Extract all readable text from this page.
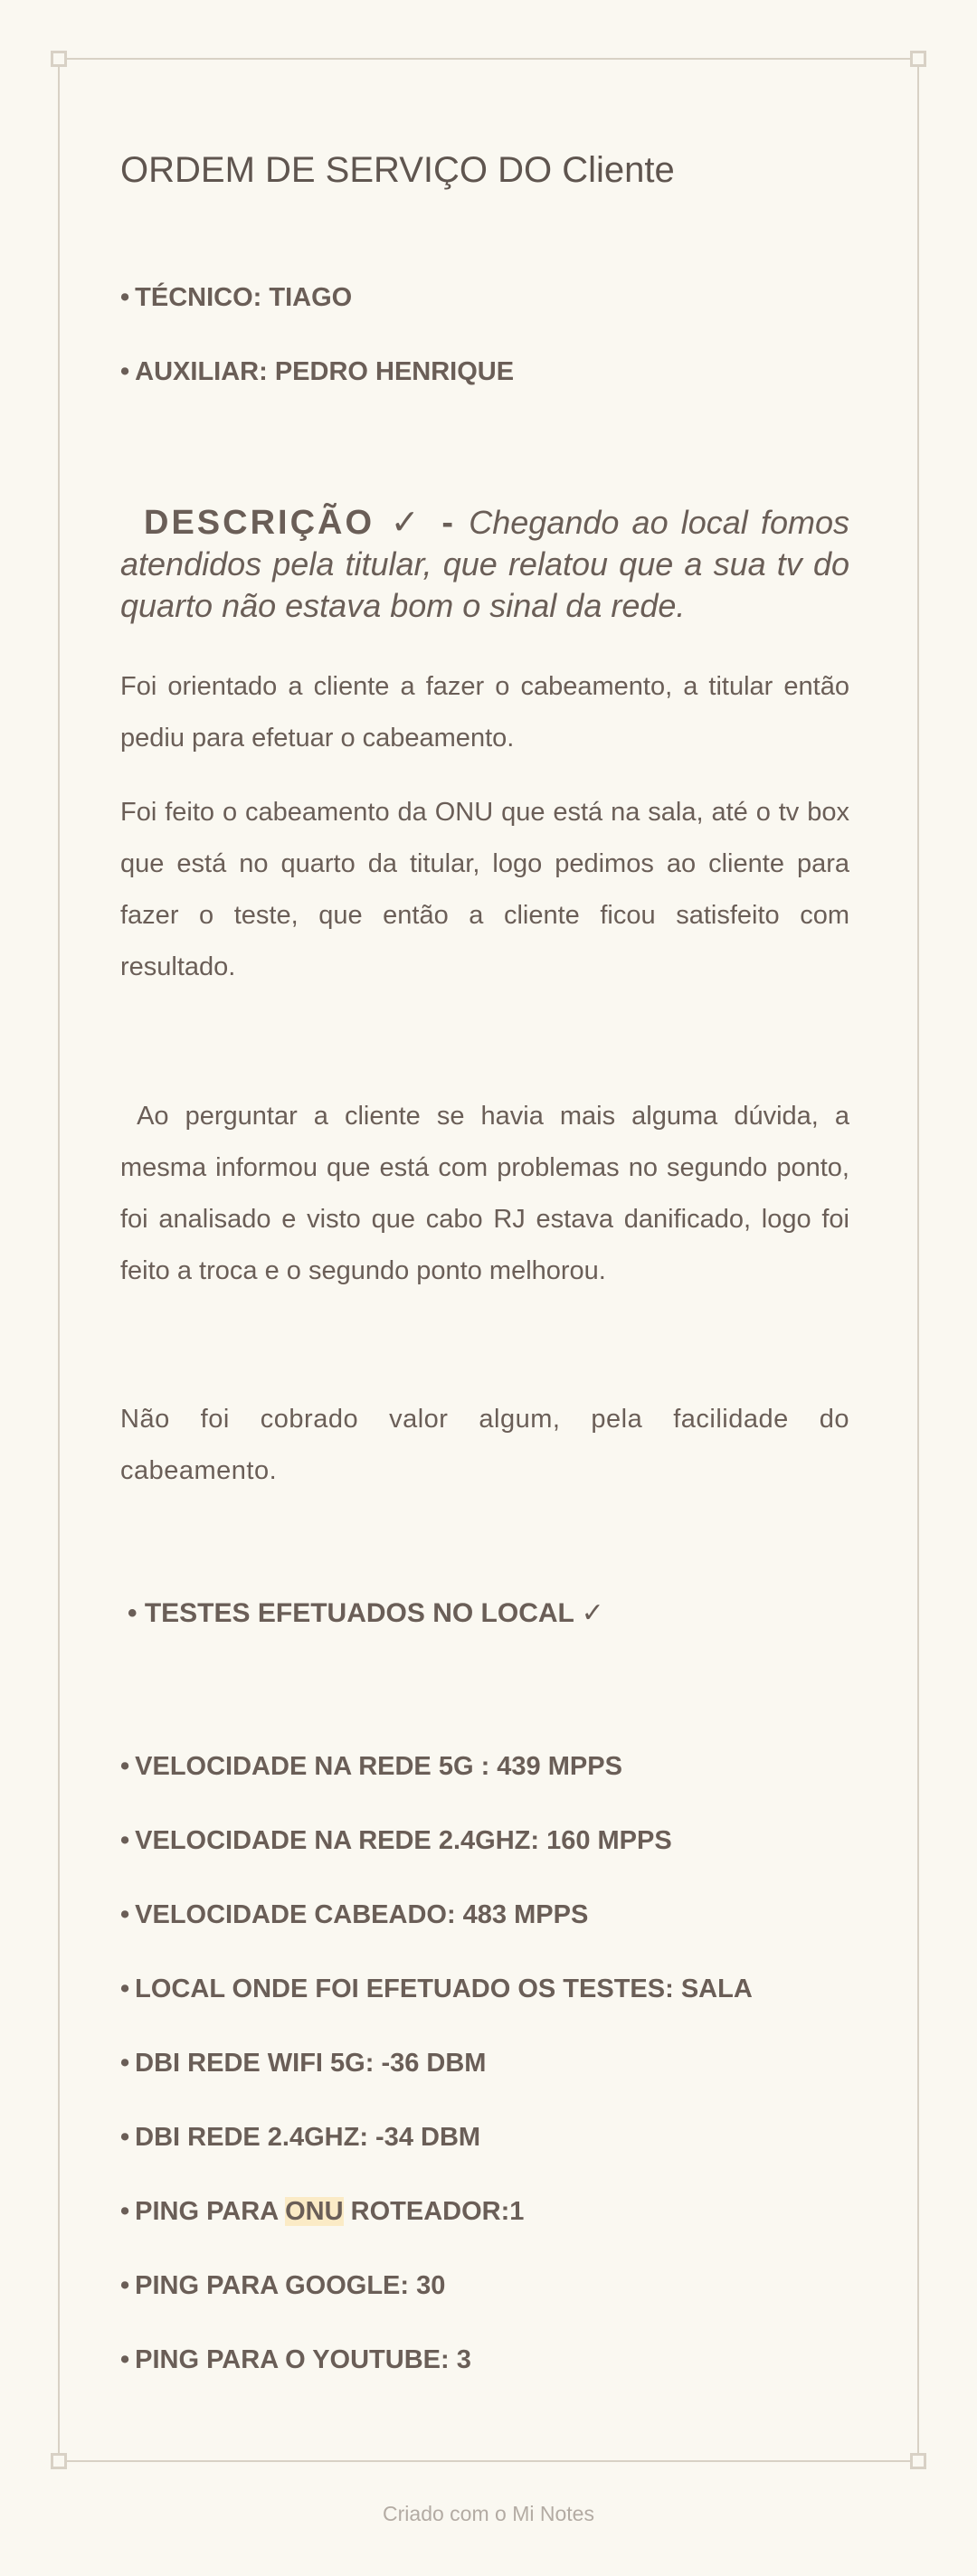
ORDEM DE SERVIÇO DO Cliente
• TÉCNICO: TIAGO
• AUXILIAR: PEDRO HENRIQUE
DESCRIÇÃO ✓ - Chegando ao local fomos atendidos pela titular, que relatou que a sua tv do quarto não estava bom o sinal da rede.

Foi orientado a cliente a fazer o cabeamento, a titular então pediu para efetuar o cabeamento.

Foi feito o cabeamento da ONU que está na sala, até o tv box que está no quarto da titular, logo pedimos ao cliente para fazer o teste, que então a cliente ficou satisfeito com resultado.

Ao perguntar a cliente se havia mais alguma dúvida, a mesma informou que está com problemas no segundo ponto, foi analisado e visto que cabo RJ estava danificado, logo foi feito a troca e o segundo ponto melhorou.

Não foi cobrado valor algum, pela facilidade do cabeamento.

• TESTES EFETUADOS NO LOCAL ✓
• VELOCIDADE NA REDE 5G : 439 MPPS
• VELOCIDADE NA REDE 2.4GHZ: 160 MPPS
• VELOCIDADE CABEADO: 483 MPPS
• LOCAL ONDE FOI EFETUADO OS TESTES: SALA
• DBI REDE WIFI 5G: -36 DBM
• DBI REDE 2.4GHZ: -34 DBM
• PING PARA ONU ROTEADOR:1
• PING PARA GOOGLE: 30
• PING PARA O YOUTUBE: 3
Criado com o Mi Notes
